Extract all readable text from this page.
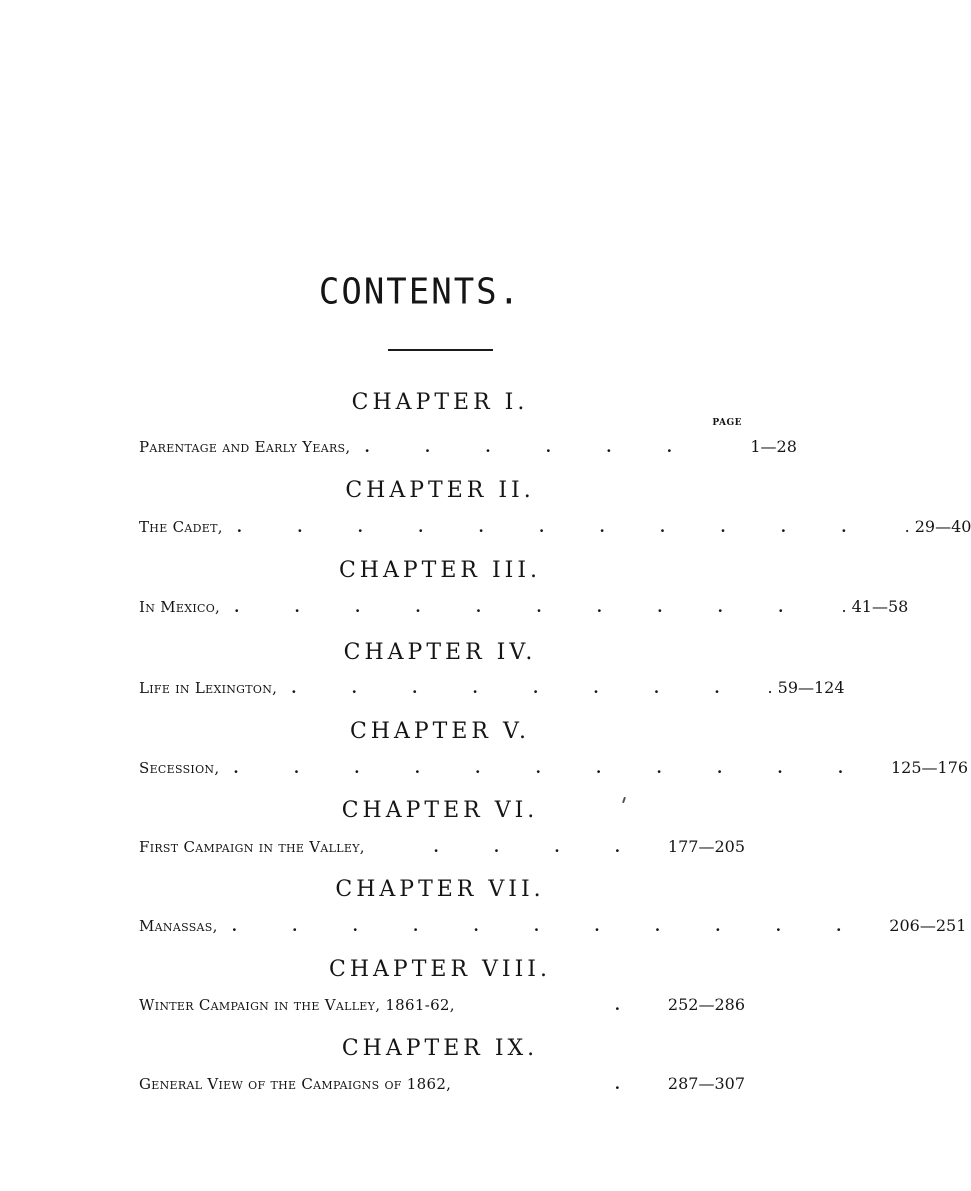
CONTENTS.
CHAPTER I.
PAGE
Parentage and Early Years, . . . . . .	1—28
CHAPTER II.
The Cadet, . . . . . . . . . . .	. 29—40
CHAPTER III.
In Mexico, . . . . . . . . . .	. 41—58
CHAPTER IV.
Life in Lexington, . . . . . . . .	. 59—124
CHAPTER V.
Secession, . . . . . . . . . . .	125—176
CHAPTER VI.
First Campaign in the Valley,	. . . .	177—205
CHAPTER VII.
Manassas, . . . . . . . . . . .	206—251
CHAPTER VIII.
Winter Campaign in the Valley, 1861-62,	.	252—286
CHAPTER IX.
General View of the Campaigns of 1862,	.	287—307
